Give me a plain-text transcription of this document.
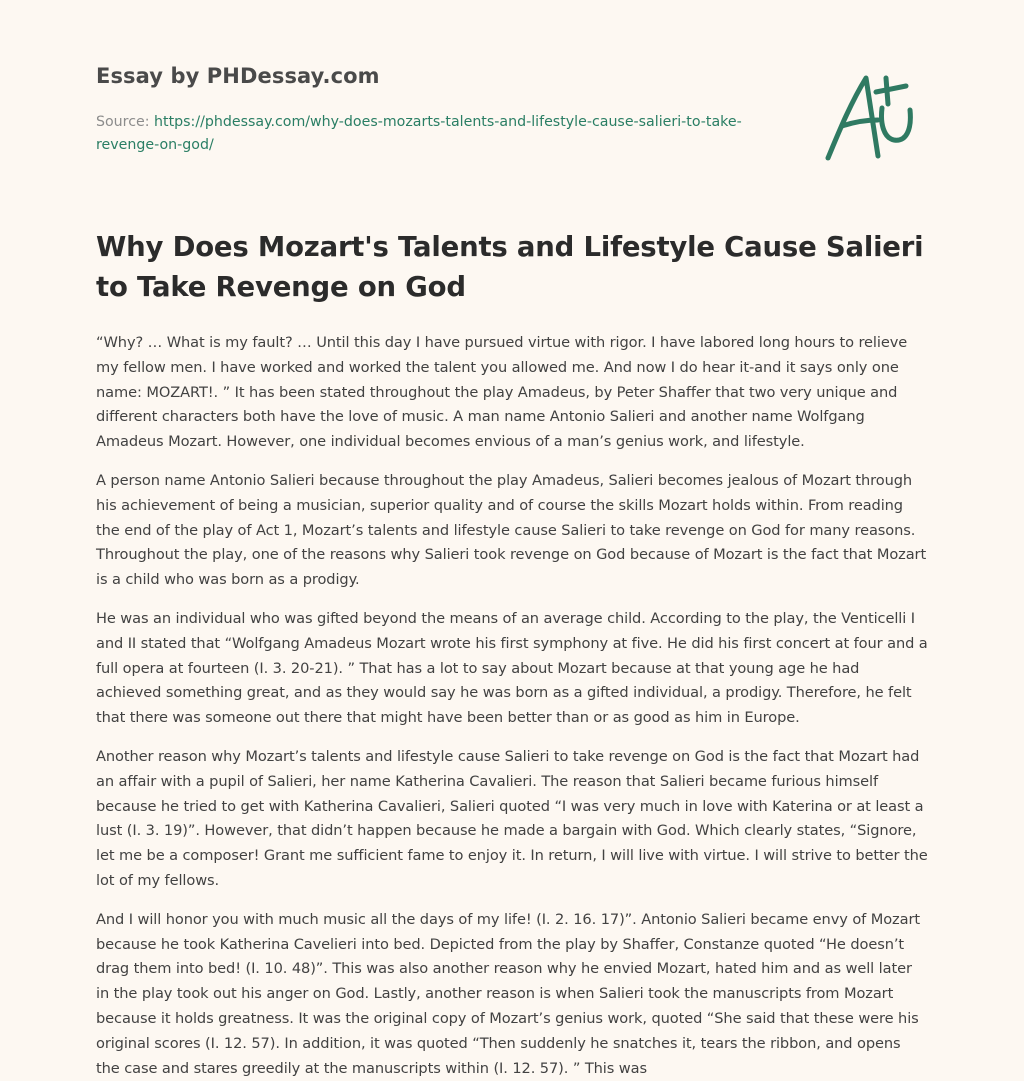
Essay by PHDessay.com
Source: https://phdessay.com/why-does-mozarts-talents-and-lifestyle-cause-salieri-to-take-revenge-on-god/
Why Does Mozart's Talents and Lifestyle Cause Salieri to Take Revenge on God

“Why? … What is my fault? … Until this day I have pursued virtue with rigor. I have labored long hours to relieve my fellow men. I have worked and worked the talent you allowed me. And now I do hear it-and it says only one name: MOZART!. ” It has been stated throughout the play Amadeus, by Peter Shaffer that two very unique and different characters both have the love of music. A man name Antonio Salieri and another name Wolfgang Amadeus Mozart. However, one individual becomes envious of a man’s genius work, and lifestyle.

A person name Antonio Salieri because throughout the play Amadeus, Salieri becomes jealous of Mozart through his achievement of being a musician, superior quality and of course the skills Mozart holds within. From reading the end of the play of Act 1, Mozart’s talents and lifestyle cause Salieri to take revenge on God for many reasons. Throughout the play, one of the reasons why Salieri took revenge on God because of Mozart is the fact that Mozart is a child who was born as a prodigy.

He was an individual who was gifted beyond the means of an average child. According to the play, the Venticelli I and II stated that “Wolfgang Amadeus Mozart wrote his first symphony at five. He did his first concert at four and a full opera at fourteen (I. 3. 20-21). ” That has a lot to say about Mozart because at that young age he had achieved something great, and as they would say he was born as a gifted individual, a prodigy. Therefore, he felt that there was someone out there that might have been better than or as good as him in Europe.

Another reason why Mozart’s talents and lifestyle cause Salieri to take revenge on God is the fact that Mozart had an affair with a pupil of Salieri, her name Katherina Cavalieri. The reason that Salieri became furious himself because he tried to get with Katherina Cavalieri, Salieri quoted “I was very much in love with Katerina or at least a lust (I. 3. 19)”. However, that didn’t happen because he made a bargain with God. Which clearly states, “Signore, let me be a composer! Grant me sufficient fame to enjoy it. In return, I will live with virtue. I will strive to better the lot of my fellows.

And I will honor you with much music all the days of my life! (I. 2. 16. 17)”. Antonio Salieri became envy of Mozart because he took Katherina Cavelieri into bed. Depicted from the play by Shaffer, Constanze quoted “He doesn’t drag them into bed! (I. 10. 48)”. This was also another reason why he envied Mozart, hated him and as well later in the play took out his anger on God. Lastly, another reason is when Salieri took the manuscripts from Mozart because it holds greatness. It was the original copy of Mozart’s genius work, quoted “She said that these were his original scores (I. 12. 57). In addition, it was quoted “Then suddenly he snatches it, tears the ribbon, and opens the case and stares greedily at the manuscripts within (I. 12. 57). ” This was
